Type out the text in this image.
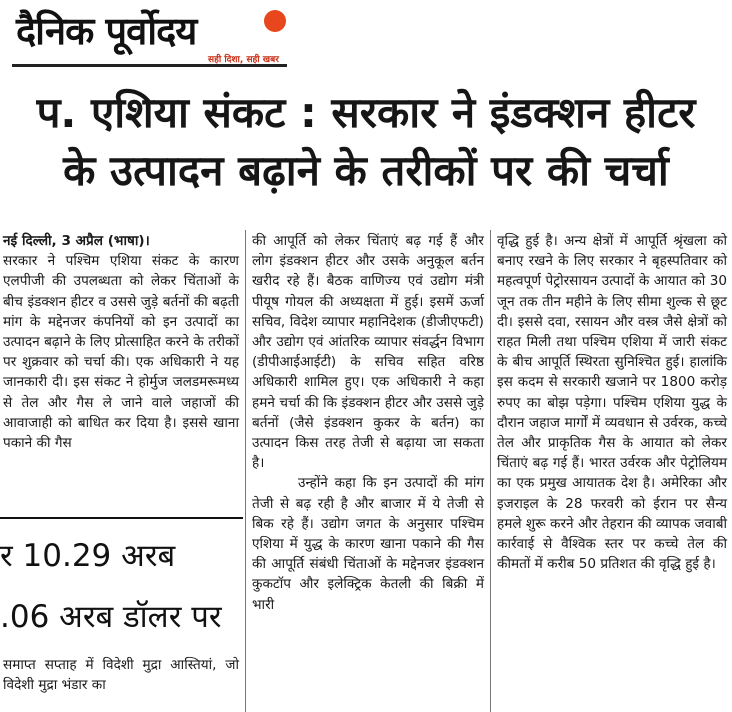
दैनिक पूर्वोदय
सही दिशा, सही खबर
प. एशिया संकट : सरकार ने इंडक्शन हीटर
के उत्पादन बढ़ाने के तरीकों पर की चर्चा

नई दिल्ली, 3 अप्रैल (भाषा)।

सरकार ने पश्चिम एशिया संकट के कारण एलपीजी की उपलब्धता को लेकर चिंताओं के बीच इंडक्शन हीटर व उससे जुड़े बर्तनों की बढ़ती मांग के मद्देनजर कंपनियों को इन उत्पादों का उत्पादन बढ़ाने के लिए प्रोत्साहित करने के तरीकों पर शुक्रवार को चर्चा की। एक अधिकारी ने यह जानकारी दी। इस संकट ने होर्मुज जलडमरूमध्य से तेल और गैस ले जाने वाले जहाजों की आवाजाही को बाधित कर दिया है। इससे खाना पकाने की गैस

की आपूर्ति को लेकर चिंताएं बढ़ गई हैं और लोग इंडक्शन हीटर और उसके अनुकूल बर्तन खरीद रहे हैं। बैठक वाणिज्य एवं उद्योग मंत्री पीयूष गोयल की अध्यक्षता में हुई। इसमें ऊर्जा सचिव, विदेश व्यापार महानिदेशक (डीजीएफटी) और उद्योग एवं आंतरिक व्यापार संवर्द्धन विभाग (डीपीआईआईटी) के सचिव सहित वरिष्ठ अधिकारी शामिल हुए। एक अधिकारी ने कहा हमने चर्चा की कि इंडक्शन हीटर और उससे जुड़े बर्तनों (जैसे इंडक्शन कुकर के बर्तन) का उत्पादन किस तरह तेजी से बढ़ाया जा सकता है।

उन्होंने कहा कि इन उत्पादों की मांग तेजी से बढ़ रही है और बाजार में ये तेजी से बिक रहे हैं। उद्योग जगत के अनुसार पश्चिम एशिया में युद्ध के कारण खाना पकाने की गैस की आपूर्ति संबंधी चिंताओं के मद्देनजर इंडक्शन कुकटॉप और इलेक्ट्रिक केतली की बिक्री में भारी

वृद्धि हुई है। अन्य क्षेत्रों में आपूर्ति श्रृंखला को बनाए रखने के लिए सरकार ने बृहस्पतिवार को महत्वपूर्ण पेट्रोरसायन उत्पादों के आयात को 30 जून तक तीन महीने के लिए सीमा शुल्क से छूट दी। इससे दवा, रसायन और वस्त्र जैसे क्षेत्रों को राहत मिली तथा पश्चिम एशिया में जारी संकट के बीच आपूर्ति स्थिरता सुनिश्चित हुई। हालांकि इस कदम से सरकारी खजाने पर 1800 करोड़ रुपए का बोझ पड़ेगा। पश्चिम एशिया युद्ध के दौरान जहाज मार्गों में व्यवधान से उर्वरक, कच्चे तेल और प्राकृतिक गैस के आयात को लेकर चिंताएं बढ़ गई हैं। भारत उर्वरक और पेट्रोलियम का एक प्रमुख आयातक देश है। अमेरिका और इजराइल के 28 फरवरी को ईरान पर सैन्य हमले शुरू करने और तेहरान की व्यापक जवाबी कार्रवाई से वैश्विक स्तर पर कच्चे तेल की कीमतों में करीब 50 प्रतिशत की वृद्धि हुई है।

र 10.29 अरब
.06 अरब डॉलर पर

समाप्त सप्ताह में विदेशी मुद्रा आस्तियां, जो विदेशी मुद्रा भंडार का
